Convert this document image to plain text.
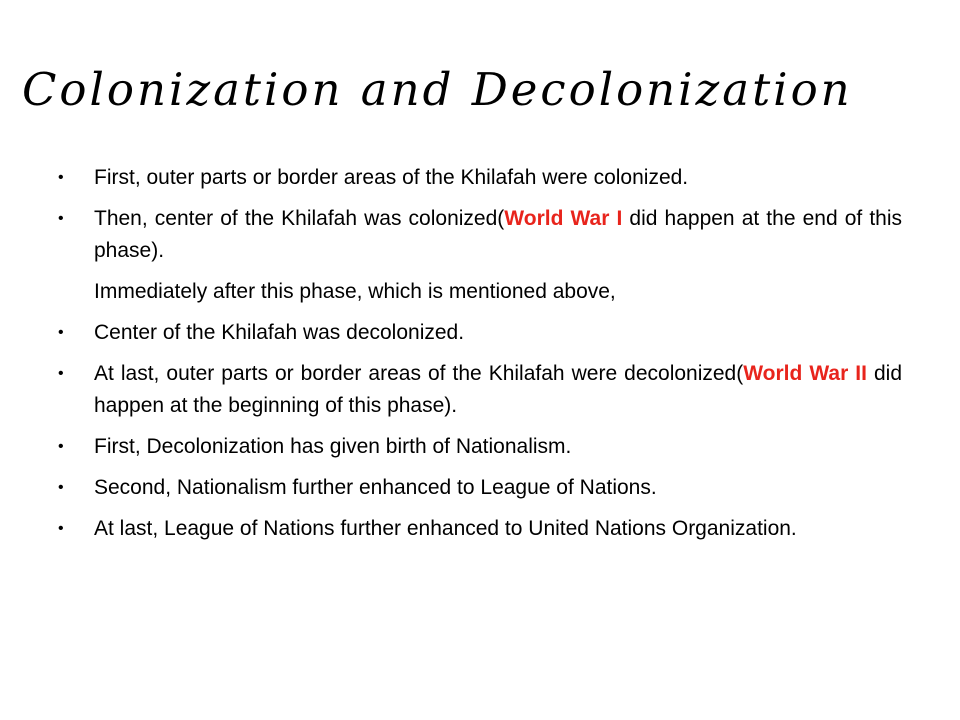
Colonization and Decolonization
• First, outer parts or border areas of the Khilafah were colonized.
• Then, center of the Khilafah was colonized(World War I did happen at the end of this phase).
Immediately after this phase, which is mentioned above,
• Center of the Khilafah was decolonized.
• At last, outer parts or border areas of the Khilafah were decolonized(World War II did happen at the beginning of this phase).
• First, Decolonization has given birth of Nationalism.
• Second, Nationalism further enhanced to League of Nations.
• At last, League of Nations further enhanced to United Nations Organization.
